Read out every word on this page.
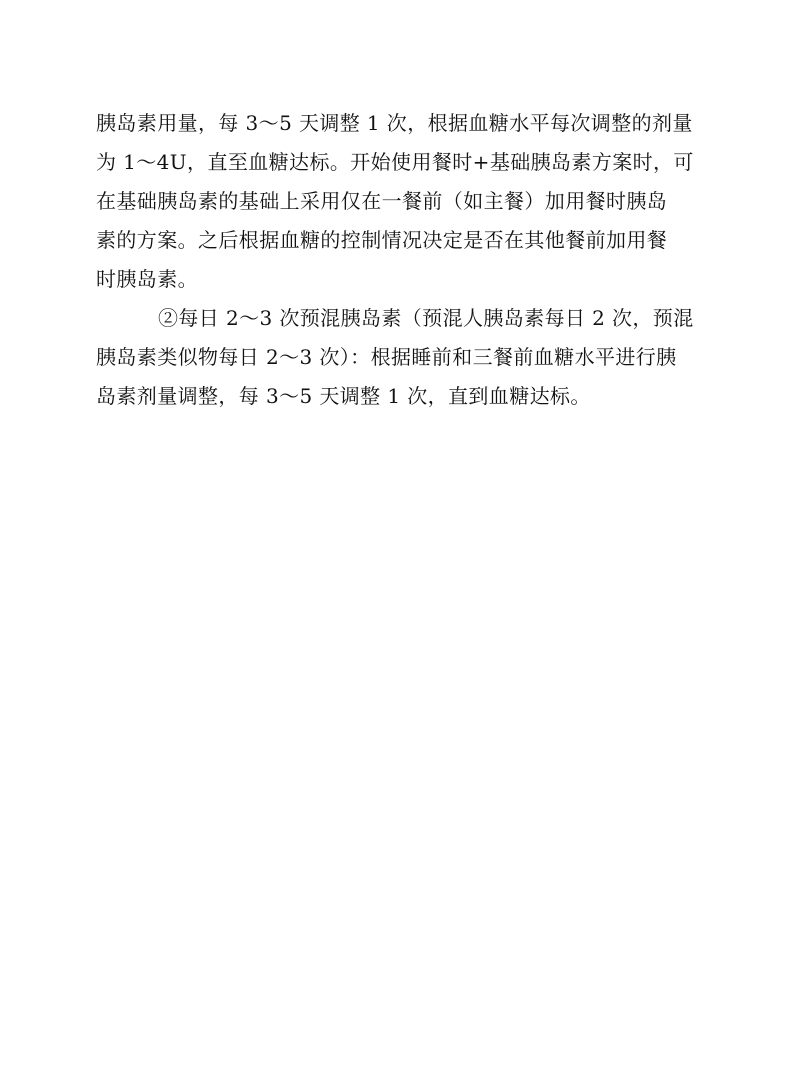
胰岛素用量，每 3～5 天调整 1 次，根据血糖水平每次调整的剂量
为 1～4U，直至血糖达标。开始使用餐时+基础胰岛素方案时，可
在基础胰岛素的基础上采用仅在一餐前（如主餐）加用餐时胰岛
素的方案。之后根据血糖的控制情况决定是否在其他餐前加用餐
时胰岛素。
②每日 2～3 次预混胰岛素（预混人胰岛素每日 2 次，预混
胰岛素类似物每日 2～3 次）：根据睡前和三餐前血糖水平进行胰
岛素剂量调整，每 3～5 天调整 1 次，直到血糖达标。
